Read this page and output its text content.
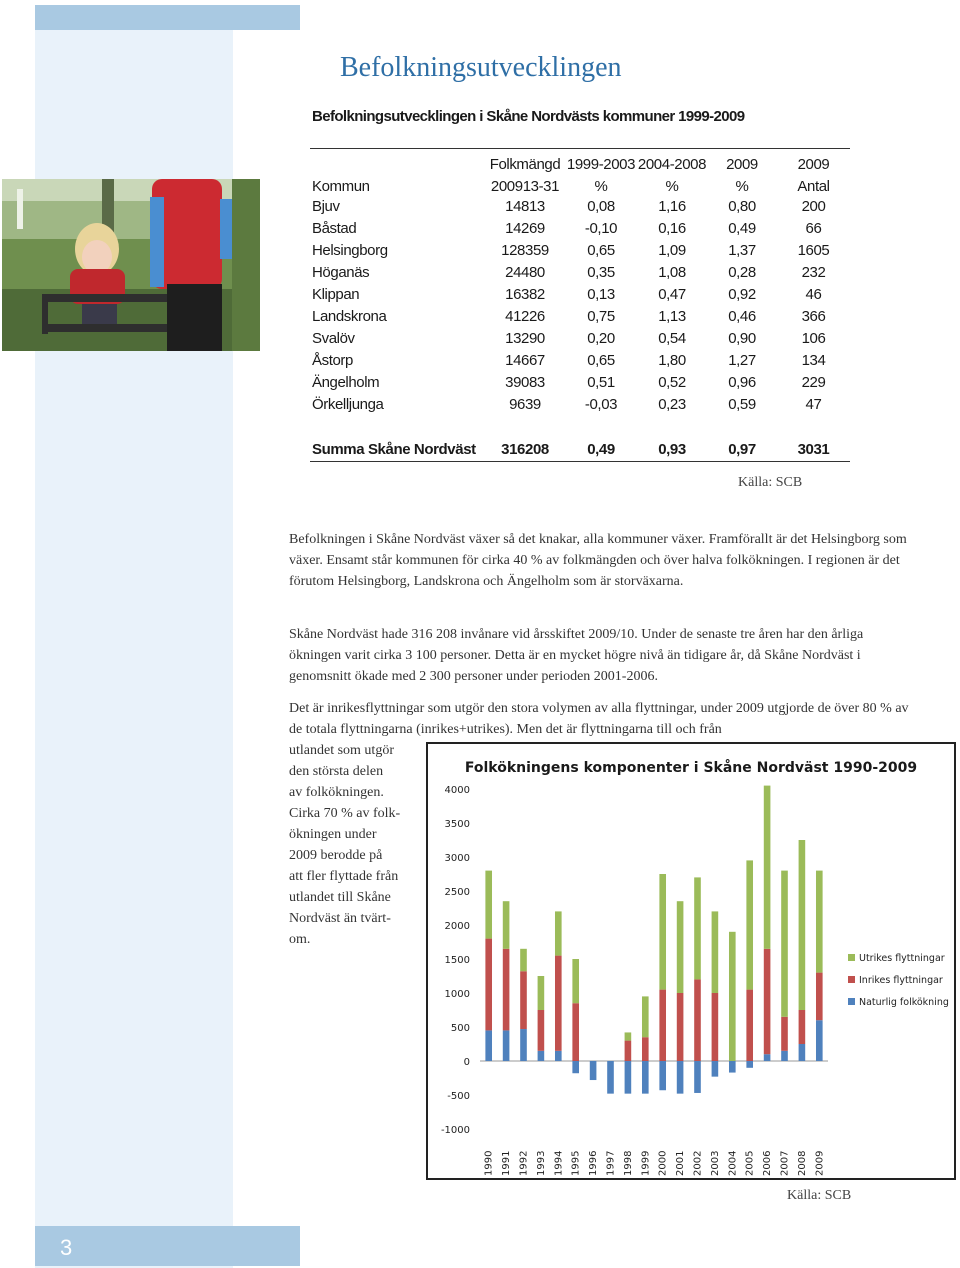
3
Befolkningsutvecklingen
Befolkningsutvecklingen i Skåne Nordvästs kommuner 1999-2009
	Folkmängd	1999-2003	2004-2008	2009	2009
Kommun	200913-31	%	%	%	Antal
Bjuv	14813	0,08	1,16	0,80	200
Båstad	14269	-0,10	0,16	0,49	66
Helsingborg	128359	0,65	1,09	1,37	1605
Höganäs	24480	0,35	1,08	0,28	232
Klippan	16382	0,13	0,47	0,92	46
Landskrona	41226	0,75	1,13	0,46	366
Svalöv	13290	0,20	0,54	0,90	106
Åstorp	14667	0,65	1,80	1,27	134
Ängelholm	39083	0,51	0,52	0,96	229
Örkelljunga	9639	-0,03	0,23	0,59	47

Summa Skåne Nordväst	316208	0,49	0,93	0,97	3031
Källa: SCB

Befolkningen i Skåne Nordväst växer så det knakar, alla kommuner växer. Framförallt är det Helsingborg som växer. Ensamt står kommunen för cirka 40 % av folkmängden och över halva folkökningen. I regionen är det förutom Helsingborg, Landskrona och Ängelholm som är storväxarna.

Skåne Nordväst hade 316 208 invånare vid årsskiftet 2009/10. Under de senaste tre åren har den årliga ökningen varit cirka 3 100 personer. Detta är en mycket högre nivå än tidigare år, då Skåne Nordväst i genomsnitt ökade med 2 300 personer under perioden 2001-2006.

Det är inrikesflyttningar som utgör den stora volymen av alla flyttningar, under 2009 utgjorde de över 80 % av de totala flyttningarna (inrikes+utrikes). Men det är flyttningarna till och från

utlandet som utgör
den största delen
av folkökningen.
Cirka 70 % av folk-
ökningen under
2009 berodde på
att fler flyttade från
utlandet till Skåne
Nordväst än tvärt-
om.
Folkökningens komponenter i Skåne Nordväst 1990-2009
-1000
-500
0
500
1000
1500
2000
2500
3000
3500
4000
1990 1991 1992 1993 1994 1995 1996 1997 1998 1999 2000 2001 2002 2003 2004 2005 2006 2007 2008 2009
Utrikes flyttningar
Inrikes flyttningar
Naturlig folkökning
Källa: SCB
